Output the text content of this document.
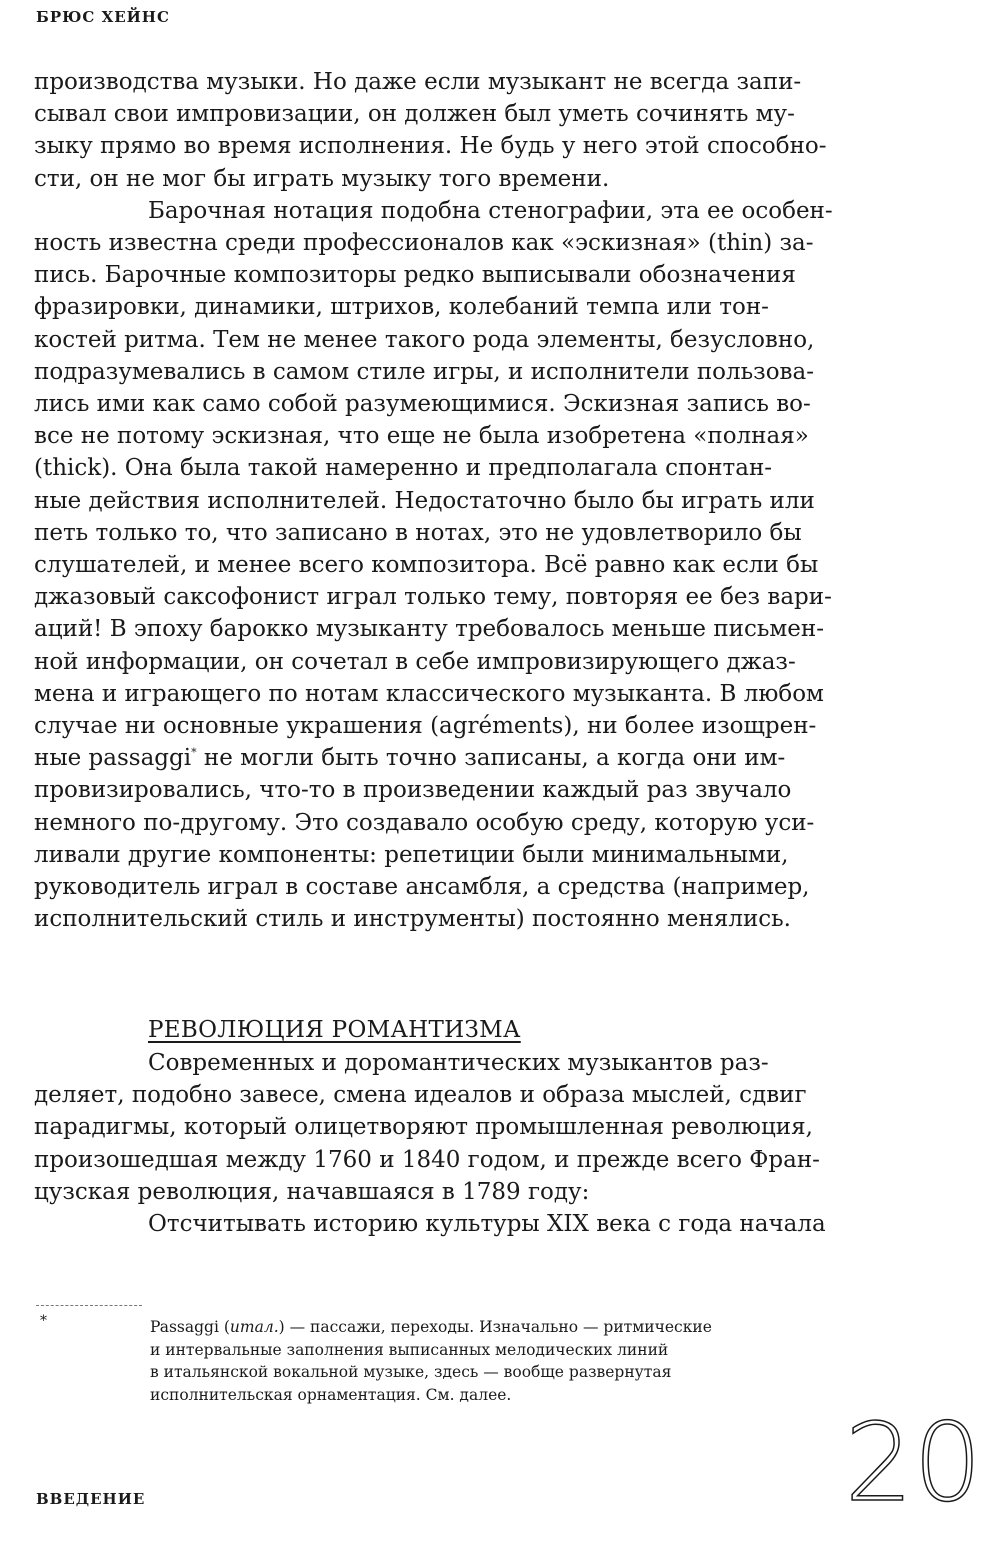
БРЮС ХЕЙНС
производства музыки. Но даже если музыкант не всегда запи-
сывал свои импровизации, он должен был уметь сочинять му-
зыку прямо во время исполнения. Не будь у него этой способно-
сти, он не мог бы играть музыку того времени.
Барочная нотация подобна стенографии, эта ее особен-
ность известна среди профессионалов как «эскизная» (thin) за-
пись. Барочные композиторы редко выписывали обозначения
фразировки, динамики, штрихов, колебаний темпа или тон-
костей ритма. Тем не менее такого рода элементы, безусловно,
подразумевались в самом стиле игры, и исполнители пользова-
лись ими как само собой разумеющимися. Эскизная запись во-
все не потому эскизная, что еще не была изобретена «полная»
(thick). Она была такой намеренно и предполагала спонтан-
ные действия исполнителей. Недостаточно было бы играть или
петь только то, что записано в нотах, это не удовлетворило бы
слушателей, и менее всего композитора. Всё равно как если бы
джазовый саксофонист играл только тему, повторяя ее без вари-
аций! В эпоху барокко музыканту требовалось меньше письмен-
ной информации, он сочетал в себе импровизирующего джаз-
мена и играющего по нотам классического музыканта. В любом
случае ни основные украшения (agréments), ни более изощрен-
ные passaggi* не могли быть точно записаны, а когда они им-
провизировались, что-то в произведении каждый раз звучало
немного по-другому. Это создавало особую среду, которую уси-
ливали другие компоненты: репетиции были минимальными,
руководитель играл в составе ансамбля, а средства (например,
исполнительский стиль и инструменты) постоянно менялись.
РЕВОЛЮЦИЯ РОМАНТИЗМА
Современных и доромантических музыкантов раз-
деляет, подобно завесе, смена идеалов и образа мыслей, сдвиг
парадигмы, который олицетворяют промышленная революция,
произошедшая между 1760 и 1840 годом, и прежде всего Фран-
цузская революция, начавшаяся в 1789 году:
Отсчитывать историю культуры XIX века с года начала
*	Passaggi (итал.) — пассажи, переходы. Изначально — ритмические
и интервальные заполнения выписанных мелодических линий
в итальянской вокальной музыке, здесь — вообще развернутая
исполнительская орнаментация. См. далее.
20
ВВЕДЕНИЕ
